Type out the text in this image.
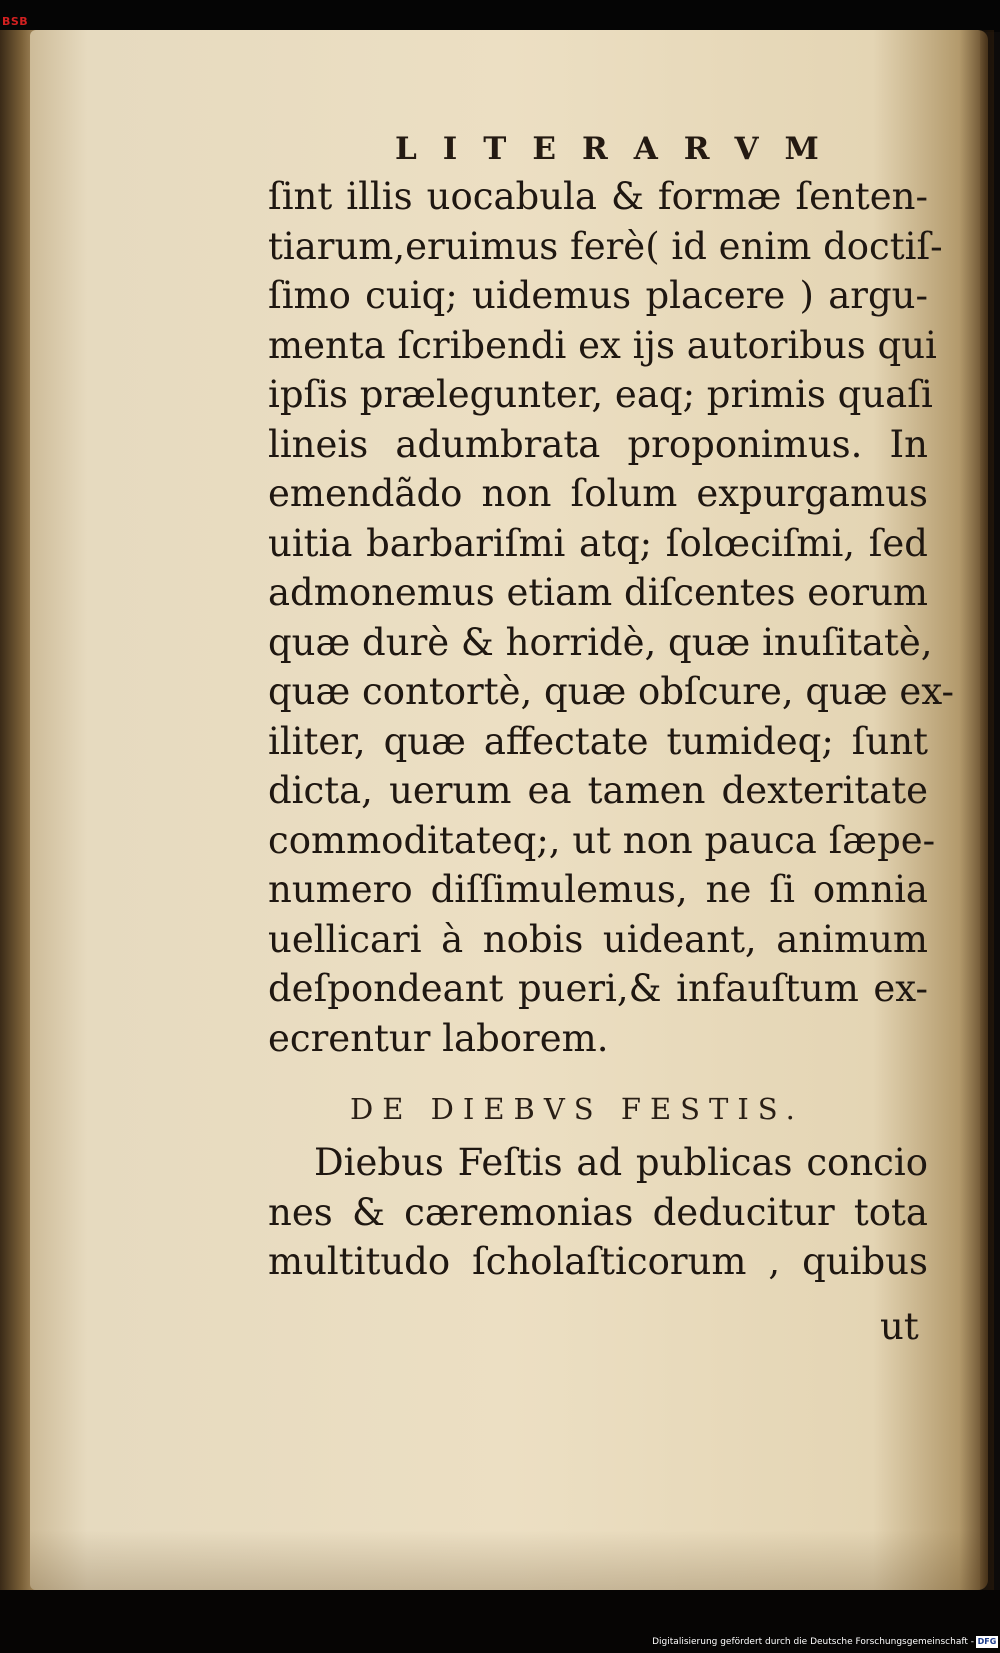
BSB
LITERARVM
ſint illis uocabula & formæ ſenten-
tiarum,eruimus ferè( id enim doctiſ-
ſimo cuiq; uidemus placere ) argu-
menta ſcribendi ex ijs autoribus qui
ipſis prælegunter, eaq; primis quaſi
lineis adumbrata proponimus. In
emendãdo non ſolum expurgamus
uitia barbariſmi atq; ſolœciſmi, ſed
admonemus etiam diſcentes eorum
quæ durè & horridè, quæ inuſitatè,
quæ contortè, quæ obſcure, quæ ex-
iliter, quæ affectate tumideq; ſunt
dicta, uerum ea tamen dexteritate
commoditateq;, ut non pauca ſæpe-
numero diſſimulemus, ne ſi omnia
uellicari à nobis uideant, animum
deſpondeant pueri,& infauſtum ex-
ecrentur laborem.
DE DIEBVS FESTIS.
Diebus Feſtis ad publicas concio
nes & cæremonias deducitur tota
multitudo ſcholaſticorum , quibus
ut
Digitalisierung gefördert durch die Deutsche Forschungsgemeinschaft - DFG
